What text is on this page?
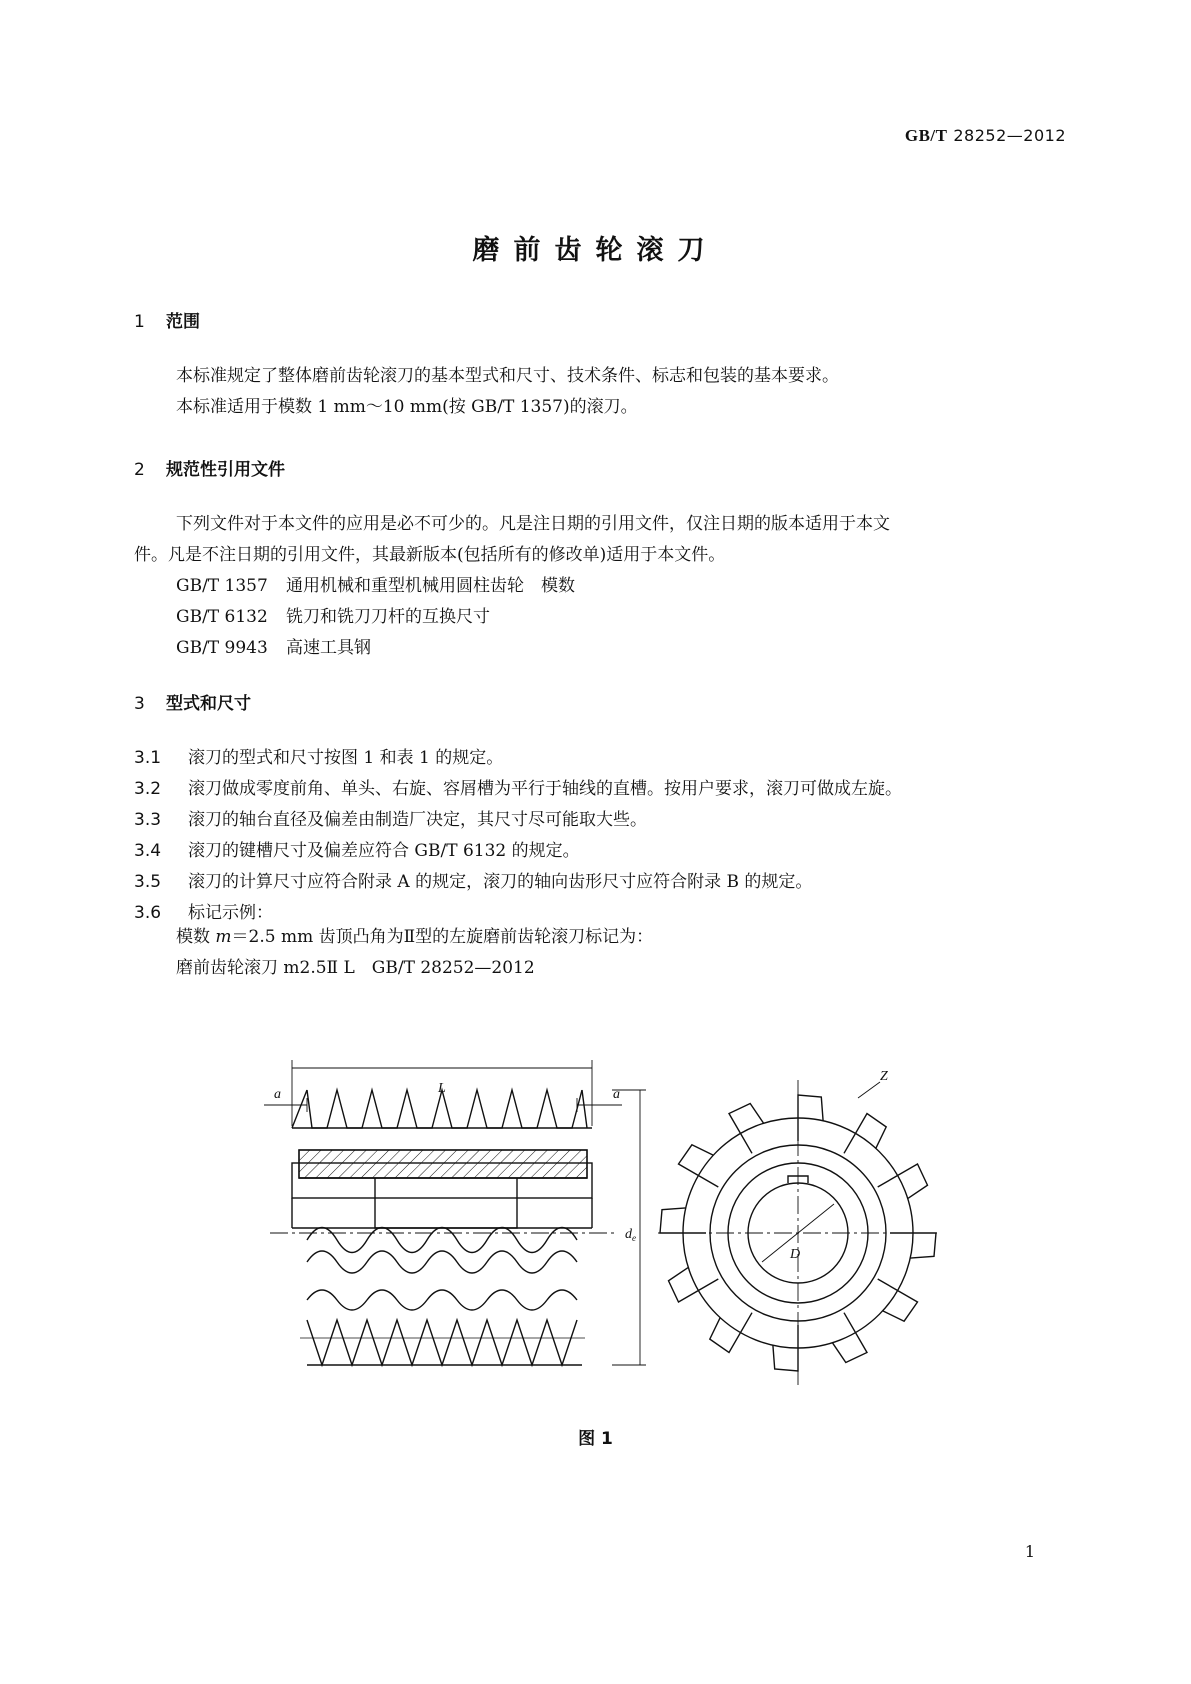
GB/T 28252—2012
磨前齿轮滚刀
1 范围
本标准规定了整体磨前齿轮滚刀的基本型式和尺寸、技术条件、标志和包装的基本要求。
本标准适用于模数 1 mm～10 mm(按 GB/T 1357)的滚刀。
2 规范性引用文件
下列文件对于本文件的应用是必不可少的。凡是注日期的引用文件，仅注日期的版本适用于本文
件。凡是不注日期的引用文件，其最新版本(包括所有的修改单)适用于本文件。
GB/T 1357 通用机械和重型机械用圆柱齿轮　模数
GB/T 6132 铣刀和铣刀刀杆的互换尺寸
GB/T 9943 高速工具钢
3 型式和尺寸
3.1 滚刀的型式和尺寸按图 1 和表 1 的规定。
3.2 滚刀做成零度前角、单头、右旋、容屑槽为平行于轴线的直槽。按用户要求，滚刀可做成左旋。
3.3 滚刀的轴台直径及偏差由制造厂决定，其尺寸尽可能取大些。
3.4 滚刀的键槽尺寸及偏差应符合 GB/T 6132 的规定。
3.5 滚刀的计算尺寸应符合附录 A 的规定，滚刀的轴向齿形尺寸应符合附录 B 的规定。
3.6 标记示例：
模数 m＝2.5 mm 齿顶凸角为Ⅱ型的左旋磨前齿轮滚刀标记为：
磨前齿轮滚刀 m2.5Ⅱ L　GB/T 28252—2012
L
a	a
$d_e$
D
Z
图 1
1
